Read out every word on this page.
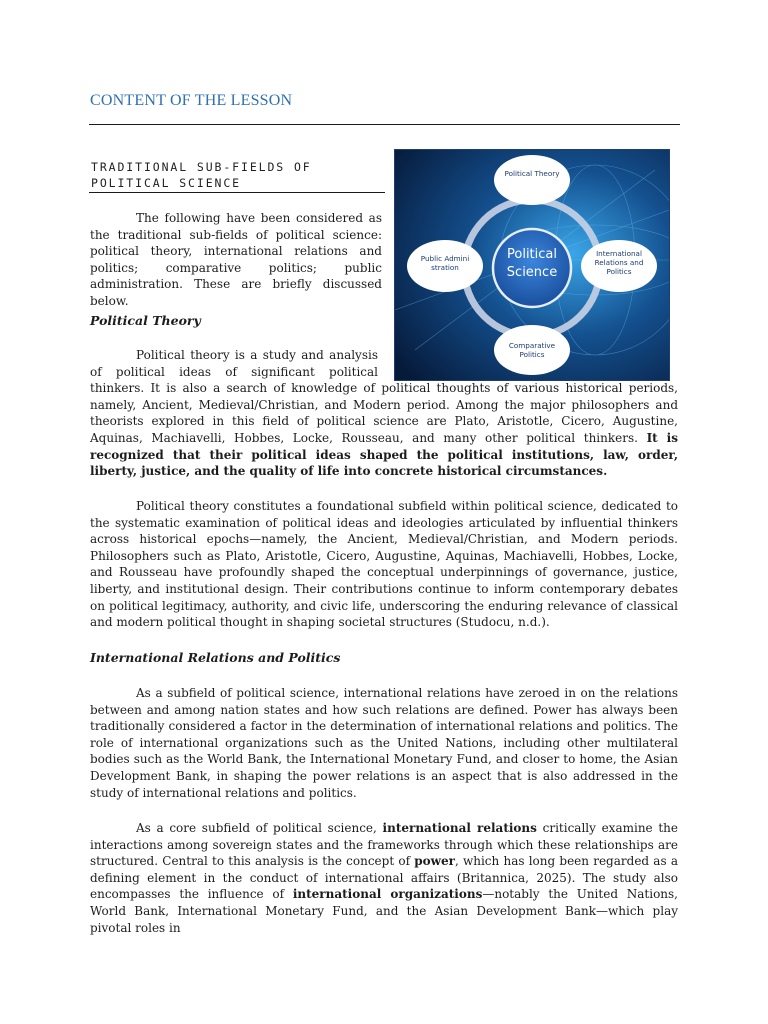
CONTENT OF THE LESSON
TRADITIONAL SUB-FIELDS OF POLITICAL SCIENCE
Political Science
Political Theory
International Relations and Politics
Comparative Politics
Public Administration

The following have been considered as the traditional sub-fields of political science: political theory, international relations and politics; comparative politics; public administration. These are briefly discussed below.

Political Theory
Political theory is a study and analysis of political ideas of significant political thinkers. It is also a search of knowledge of political thoughts of various historical periods, namely, Ancient, Medieval/Christian, and Modern period. Among the major philosophers and theorists explored in this field of political science are Plato, Aristotle, Cicero, Augustine, Aquinas, Machiavelli, Hobbes, Locke, Rousseau, and many other political thinkers. It is recognized that their political ideas shaped the political institutions, law, order, liberty, justice, and the quality of life into concrete historical circumstances.

Political theory constitutes a foundational subfield within political science, dedicated to the systematic examination of political ideas and ideologies articulated by influential thinkers across historical epochs—namely, the Ancient, Medieval/Christian, and Modern periods. Philosophers such as Plato, Aristotle, Cicero, Augustine, Aquinas, Machiavelli, Hobbes, Locke, and Rousseau have profoundly shaped the conceptual underpinnings of governance, justice, liberty, and institutional design. Their contributions continue to inform contemporary debates on political legitimacy, authority, and civic life, underscoring the enduring relevance of classical and modern political thought in shaping societal structures (Studocu, n.d.).

International Relations and Politics

As a subfield of political science, international relations have zeroed in on the relations between and among nation states and how such relations are defined. Power has always been traditionally considered a factor in the determination of international relations and politics. The role of international organizations such as the United Nations, including other multilateral bodies such as the World Bank, the International Monetary Fund, and closer to home, the Asian Development Bank, in shaping the power relations is an aspect that is also addressed in the study of international relations and politics.

As a core subfield of political science, international relations critically examine the interactions among sovereign states and the frameworks through which these relationships are structured. Central to this analysis is the concept of power, which has long been regarded as a defining element in the conduct of international affairs (Britannica, 2025). The study also encompasses the influence of international organizations—notably the United Nations, World Bank, International Monetary Fund, and the Asian Development Bank—which play pivotal roles in
